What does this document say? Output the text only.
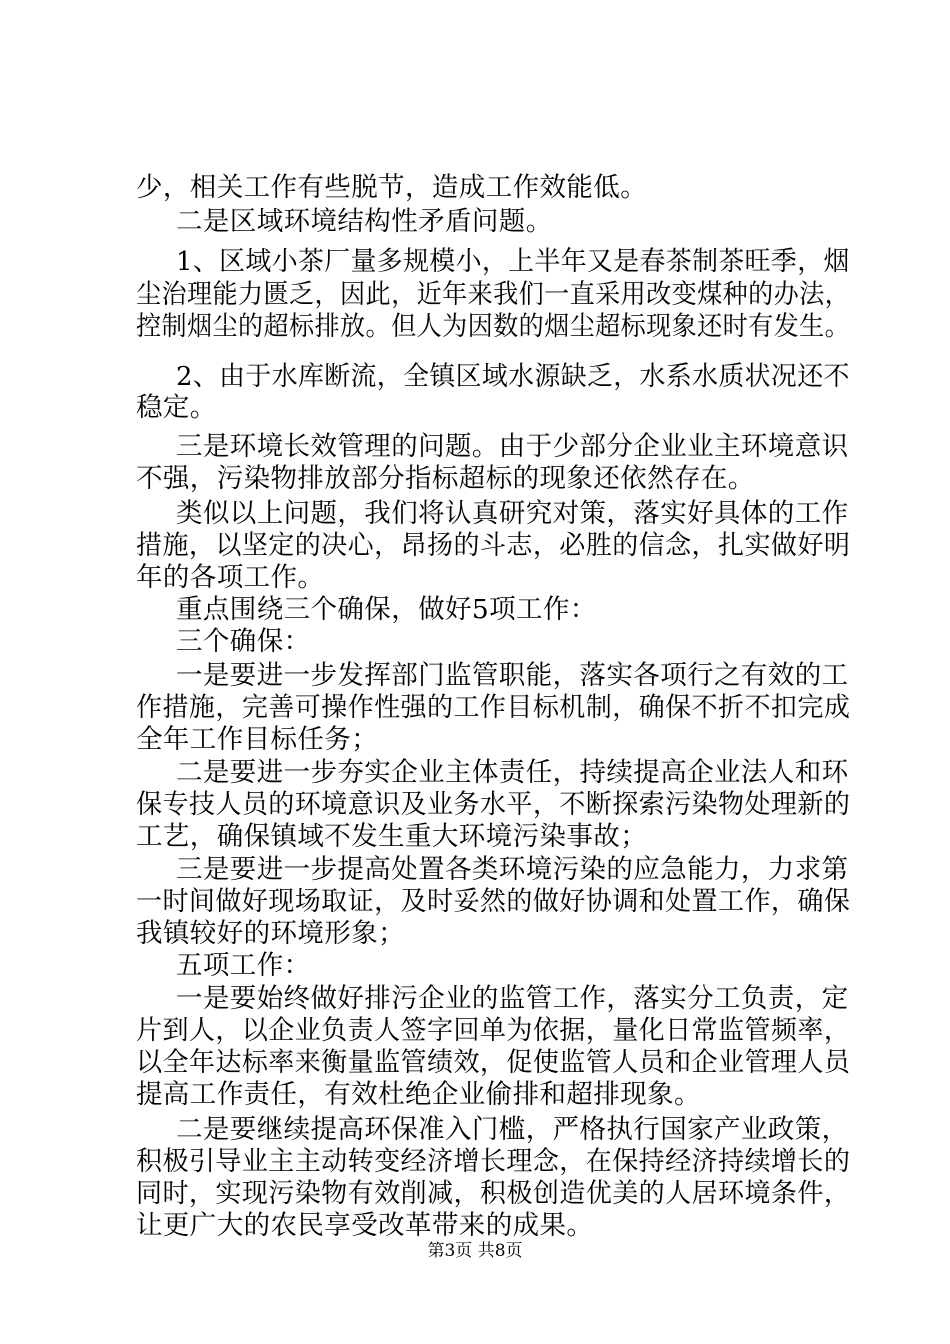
少，相关工作有些脱节，造成工作效能低。
二是区域环境结构性矛盾问题。
1、区域小茶厂量多规模小，上半年又是春茶制茶旺季，烟
尘治理能力匮乏，因此，近年来我们一直采用改变煤种的办法，
控制烟尘的超标排放。但人为因数的烟尘超标现象还时有发生。
2、由于水库断流，全镇区域水源缺乏，水系水质状况还不
稳定。
三是环境长效管理的问题。由于少部分企业业主环境意识
不强，污染物排放部分指标超标的现象还依然存在。
类似以上问题，我们将认真研究对策，落实好具体的工作
措施，以坚定的决心，昂扬的斗志，必胜的信念，扎实做好明
年的各项工作。
重点围绕三个确保，做好5项工作：
三个确保：
一是要进一步发挥部门监管职能，落实各项行之有效的工
作措施，完善可操作性强的工作目标机制，确保不折不扣完成
全年工作目标任务；
二是要进一步夯实企业主体责任，持续提高企业法人和环
保专技人员的环境意识及业务水平，不断探索污染物处理新的
工艺，确保镇域不发生重大环境污染事故；
三是要进一步提高处置各类环境污染的应急能力，力求第
一时间做好现场取证，及时妥然的做好协调和处置工作，确保
我镇较好的环境形象；
五项工作：
一是要始终做好排污企业的监管工作，落实分工负责，定
片到人，以企业负责人签字回单为依据，量化日常监管频率，
以全年达标率来衡量监管绩效，促使监管人员和企业管理人员
提高工作责任，有效杜绝企业偷排和超排现象。
二是要继续提高环保准入门槛，严格执行国家产业政策，
积极引导业主主动转变经济增长理念，在保持经济持续增长的
同时，实现污染物有效削减，积极创造优美的人居环境条件，
让更广大的农民享受改革带来的成果。
第3页 共8页
